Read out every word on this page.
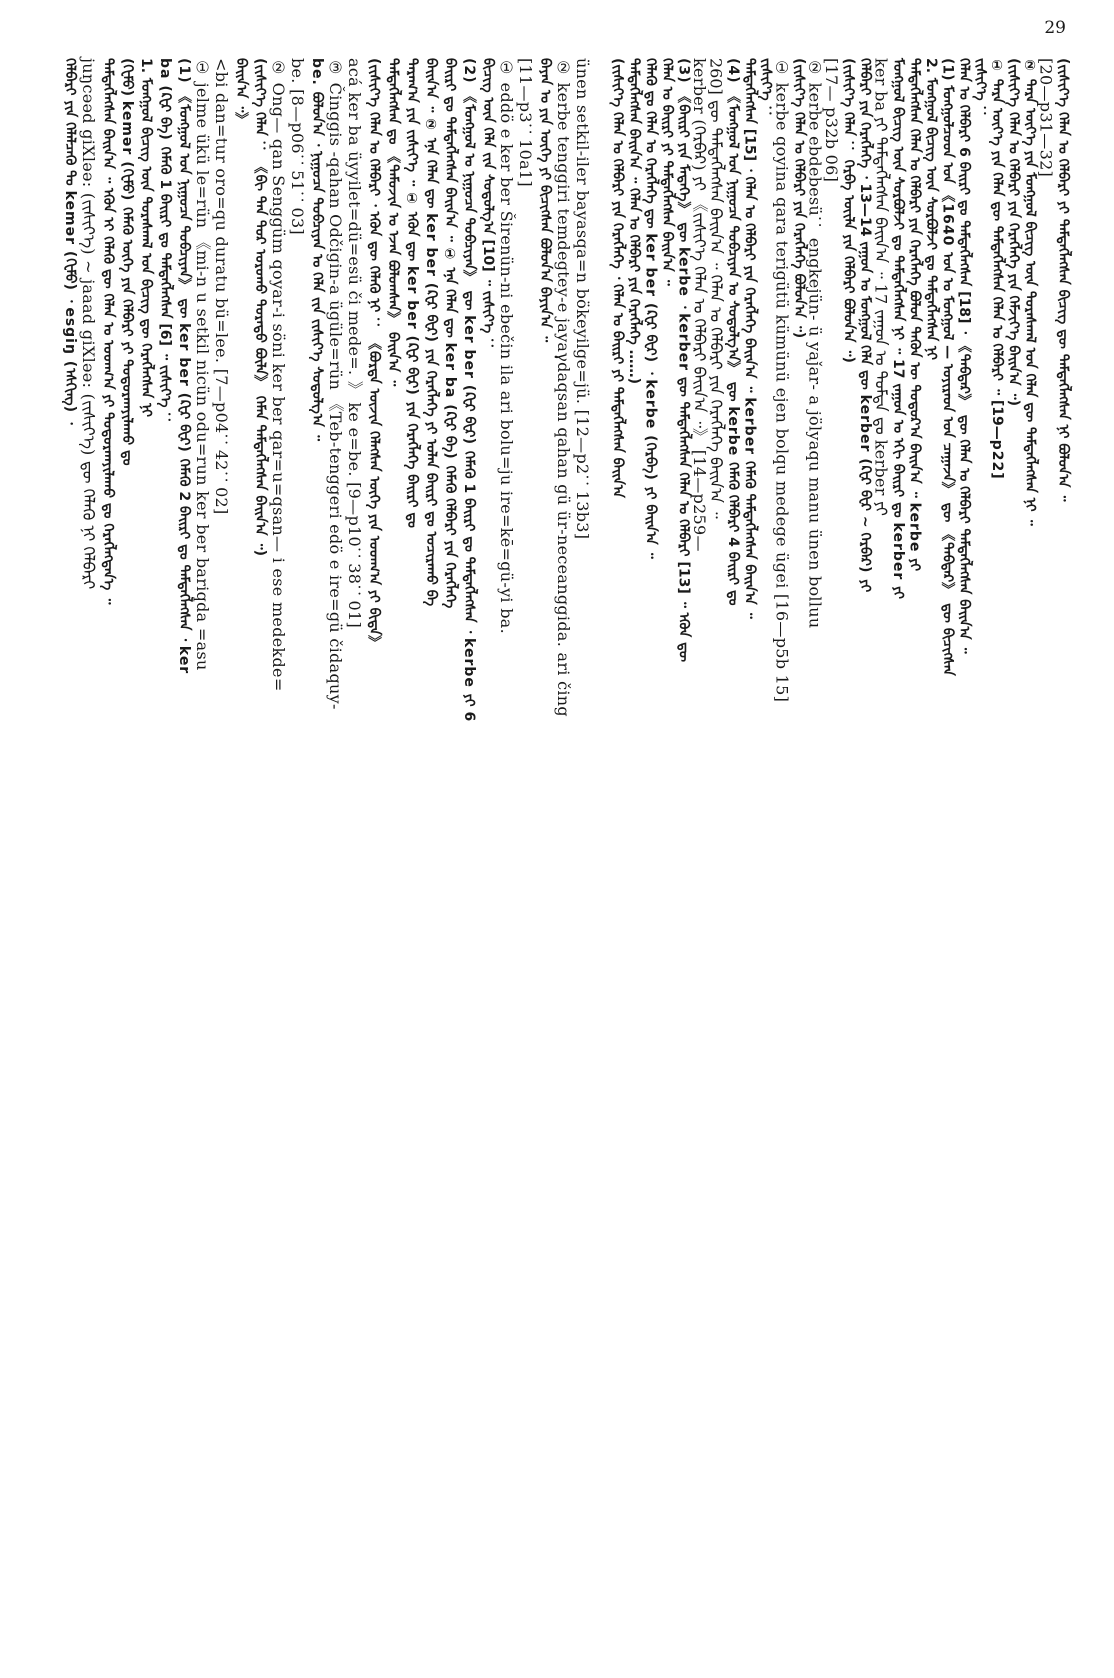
29
ünen setkil-iler bayasqa=n bökeyilge=jü. [12—p2：13b3]
② kerbe tenggiri temdegtey-e jayaγdaqsan qahan gü ür-neceanggida. ari čing
ᠪᠠᠶᠠᠨ ᠤ ᠶᠢᠨ ᠦᠭᠡ ᠶᠢ ᠪᠢᠴᠢᠭᠰᠡᠨ ᠪᠤᠯᠤᠨ᠎ᠠ ᠪᠠᠶᠢᠨ᠎ᠠ ᠃
[11—p3：10a1]
① eddö e ker ber Širenün-ni ebečin ila ari bolu=ju ire=kē=gü-yi ba.
ᠪᠢᠴᠢᠭ᠌ ᠦᠨ ᠬᠡᠯᠡ ᠵᠢᠨ ᠰᠤᠳᠤᠯᠭ᠎ᠠ [10] ᠃ ᠵᠢᠱᠢᠶ᠎ᠡ ：
(2) 《ᠮᠣᠩᠭᠣᠯ ᠤ ᠨᠢᠭᠤᠴᠠ ᠲᠣᠪᠴᠢᠶᠠᠨ》 ᠳᠦ ker ber (ᠺᠧᠷ ᠪᠧᠷ) ᠬᠡᠮᠡᠬᠦ 1 ᠪᠠᠢᠷᠢ ᠳᠤ ᠲᠡᠮᠳᠡᠭᠯᠡᠭᠰᠡᠨ ᠂ kerbe ᠶᠢ 6
ᠪᠠᠢᠷᠢ ᠳᠤ ᠲᠡᠮᠳᠡᠭᠯᠡᠭᠰᠡᠨ ᠪᠠᠢᠨ᠎ᠠ ᠃ ① ᠡᠨᠡ ᠬᠡᠯᠡᠨ ᠳᠦ ker ba (ᠺᠧᠷ ᠪᠠ) ᠬᠡᠮᠡᠬᠦ ᠬᠡᠯᠪᠡᠷᠢ ᠶᠢᠨ ᠬᠡᠷᠡᠭᠯᠡᠭᠡ
ᠪᠠᠢᠨ᠎ᠠ ᠃ ② ᠡᠨᠡ ᠬᠡᠯᠡᠨ ᠳᠦ ker ber (ᠺᠧᠷ ᠪᠧᠷ) ᠶᠢᠨ ᠬᠡᠷᠡᠭᠯᠡᠭᠡ ᠶᠢ ᠣᠯᠠᠨ ᠪᠠᠢᠷᠢ ᠳᠤ ᠤᠴᠢᠷᠠᠬᠤ ᠪᠠ
ᠳᠠᠷᠠᠭ᠎ᠠ ᠶᠢᠨ ᠵᠢᠱᠢᠶ᠎ᠡ ᠃ ① ᠡᠭᠦᠨ ᠳᠦ ker ber (ᠺᠧᠷ ᠪᠧᠷ) ᠶᠢᠨ ᠬᠡᠷᠡᠭᠯᠡᠭᠡ ᠪᠠᠢᠷᠢ ᠳᠤ
ᠲᠡᠮᠳᠡᠭᠯᠡᠭᠰᠡᠨ ᠳᠤ 《ᠲᠡᠮᠦᠵᠢᠨ ᠤ ᠡᠵᠡᠨ ᠪᠣᠯᠤᠭᠰᠠᠨ》 ᠪᠠᠢᠨ᠎ᠠ ᠃
(ᠵᠢᠱᠢᠶ᠎ᠡ ᠬᠡᠯᠡᠨ ᠤ ᠬᠡᠯᠪᠡᠷᠢ ᠂ ᠡᠭᠦᠨ ᠳᠦ ᠬᠡᠯᠡᠬᠦ ᠨᠢ ： 《ᠪᠣᠷᠲᠡ ᠦᠵᠢᠨ ᠬᠡᠯᠡᠭᠰᠡᠨ ᠦᠭᠡ ᠶᠢᠨ ᠤᠳᠬ᠎ᠠ ᠶᠢ ᠪᠢᠳᠡ》
acá ker ba üyyilet=dü=esü či mede=. 》 ke e=be. [9—p10：38：01]
③ Činggis -qahan Odčigin-a ügüle=rün 《Teb-tenggeri edö e ire=gü čidaquy-
be. ᠪᠣᠯᠤᠨ᠎ᠠ ᠂ ᠨᠢᠭᠤᠴᠠ ᠲᠣᠪᠴᠢᠶᠠᠨ ᠤ ᠬᠡᠯᠡ ᠵᠢᠨ ᠵᠢᠱᠢᠶ᠎ᠡ ᠰᠤᠳᠤᠯᠭ᠎ᠠ ᠃
be. [8—p06：51：03]
② Ong— qan Senggüm qoyar-i söni ker ber qar=u=qsan— i ese medekde=
(ᠵᠢᠱᠢᠶ᠎ᠡ ᠬᠡᠯᠡᠨ ： 《ᠪᠢ ᠳᠠᠨ ᠲᠤᠷ ᠣᠷᠣᠬᠤ ᠳᠤᠷᠠᠲᠤ ᠪᠦᠯᠡ》 ᠬᠡᠮᠡᠨ ᠲᠡᠮᠳᠡᠭᠯᠡᠭᠰᠡᠨ ᠪᠠᠢᠨ᠎ᠠ ᠃)
ᠪᠠᠢᠨ᠎ᠠ ᠃》
<bi dan=tur oro=qu duratu bü=lee. [7—p04：42：02]
① jelme ükü le=rün 《mi-n u setkil nicün odu=run ker ber bariqda =asu
(1) 《ᠮᠣᠩᠭᠣᠯ ᠤᠨ ᠨᠢᠭᠤᠴᠠ ᠲᠣᠪᠴᠢᠶᠠᠨ》 ᠳᠦ ker ber (ᠺᠧᠷ ᠪᠧᠷ) ᠬᠡᠮᠡᠬᠦ 2 ᠪᠠᠢᠷᠢ ᠳᠤ ᠲᠡᠮᠳᠡᠭᠯᠡᠭᠰᠡᠨ ᠂ ker
ba (ᠺᠧᠷ ᠪᠠ) ᠬᠡᠮᠡᠬᠦ 1 ᠪᠠᠢᠷᠢ ᠳᠤ ᠲᠡᠮᠳᠡᠭᠯᠡᠭᠰᠡᠨ [6] ᠃ ᠵᠢᠱᠢᠶ᠎ᠡ ：
1. ᠮᠣᠩᠭᠣᠯ ᠪᠢᠴᠢᠭ᠌ ᠦᠨ ᠳᠤᠷᠠᠰᠬᠠᠯ ᠤᠨ ᠪᠢᠴᠢᠭ᠌ ᠳᠦ ᠬᠡᠷᠡᠭᠯᠡᠭᠰᠡᠨ ᠨᠢ
(ᠬᠧᠮᠦ) kemər (ᠬᠧᠮᠦ) ᠬᠡᠮᠡᠬᠦ ᠦᠭᠡ ᠶᠢᠨ ᠬᠡᠯᠪᠡᠷᠢ ᠶᠢ ᠲᠣᠳᠣᠷᠬᠠᠶᠢᠯᠠᠬᠤ ᠳᠤ
ᠲᠡᠮᠳᠡᠭᠯᠡᠭᠰᠡᠨ ᠪᠠᠢᠨ᠎ᠠ ᠃ ᠡᠭᠦᠨ ᠢ ᠬᠡᠯᠡᠬᠦ ᠳᠦ ᠬᠡᠯᠡᠨ ᠤ ᠤᠳᠬ᠎ᠠ ᠶᠢ ᠲᠣᠳᠣᠷᠬᠠᠶᠢᠯᠠᠬᠤ ᠳᠤ ᠬᠡᠷᠡᠭᠯᠡᠭᠳᠡᠨ᠎ᠡ ᠃
juŋcəəd giXləə: (ᠵᠢᠱᠢᠶ᠎ᠡ) ~ jaaad giXləə: (ᠵᠢᠱᠢᠶ᠎ᠡ) ᠳᠦ ᠬᠡᠯᠡᠬᠦ ᠨᠢ ᠬᠡᠯᠪᠡᠷᠢ
ᠬᠡᠯᠪᠡᠷᠢ ᠶᠢᠨ ᠬᠡᠯᠡᠯᠴᠡᠬᠦ ᠲᠤ kemər (ᠬᠧᠮᠦ) ᠂ esgiŋ (ᠡᠰᠭᠢᠩ) ᠂	(ᠵᠢᠱᠢᠶ᠎ᠡ ᠬᠡᠯᠡᠨ ᠤ ᠬᠡᠯᠪᠡᠷᠢ ᠶᠢ ᠲᠡᠮᠳᠡᠭᠯᠡᠭᠰᠡᠨ ᠪᠢᠴᠢᠭ᠌ ᠳᠦ ᠲᠡᠮᠳᠡᠭᠯᠡᠭᠰᠡᠨ ᠨᠢ ᠪᠣᠯᠤᠨ᠎ᠠ ᠃
[20—p31—32]
② ᠲᠡᠷᠡ ᠦᠶ᠎ᠡ ᠶᠢᠨ ᠮᠣᠩᠭᠣᠯ ᠪᠢᠴᠢᠭ᠌ ᠦᠨ ᠳᠤᠷᠠᠰᠬᠠᠯ ᠤᠨ ᠬᠡᠯᠡᠨ ᠳᠦ ᠲᠡᠮᠳᠡᠭᠯᠡᠭᠰᠡᠨ ᠨᠢ ᠃
(ᠵᠢᠱᠢᠶ᠎ᠡ ᠬᠡᠯᠡᠨ ᠤ ᠬᠡᠯᠪᠡᠷᠢ ᠶᠢᠨ ᠬᠡᠷᠡᠭᠯᠡᠭᠡ ᠶᠢᠨ ᠬᠡᠮᠵᠢᠶ᠎ᠡ ᠪᠠᠢᠨ᠎ᠠ ᠃)
① ᠲᠡᠷᠡ ᠦᠶ᠎ᠡ ᠶᠢᠨ ᠬᠡᠯᠡᠨ ᠳᠦ ᠲᠡᠮᠳᠡᠭᠯᠡᠭᠰᠡᠨ ᠬᠡᠯᠡᠨ ᠤ ᠬᠡᠯᠪᠡᠷᠢ ᠃ [19—p22]
ᠵᠢᠱᠢᠶ᠎ᠡ ：
ᠬᠡᠯᠡᠨ ᠤ ᠬᠡᠯᠪᠡᠷᠢ 6 ᠪᠠᠢᠷᠢ ᠳᠤ ᠲᠡᠮᠳᠡᠭᠯᠡᠭᠰᠡᠨ [18] ᠂ 《ᠲᠡᠪᠲᠡᠷ》 ᠳᠦ ᠬᠡᠯᠡᠨ ᠤ ᠬᠡᠯᠪᠡᠷᠢ ᠲᠡᠮᠳᠡᠭᠯᠡᠭᠰᠡᠨ ᠪᠠᠢᠨ᠎ᠠ ᠃
(1) ᠮᠣᠩᠭᠣᠯᠴᠤᠳ ᠤᠨ 《1640 ᠣᠨ ᠤ ᠮᠣᠩᠭᠣᠯ — ᠣᠶᠢᠷᠠᠳ ᠤᠨ ᠴᠠᠭᠠᠵᠠ》 ᠳᠦ 《ᠲᠡᠪᠲᠡᠷ》 ᠳᠦ ᠪᠢᠴᠢᠭᠰᠡᠨ
2. ᠮᠣᠩᠭᠣᠯ ᠪᠢᠴᠢᠭ᠌ ᠦᠨ ᠰᠤᠷᠪᠤᠯᠵᠢ ᠳᠤ ᠲᠡᠮᠳᠡᠭᠯᠡᠭᠰᠡᠨ ᠨᠢ
ᠲᠡᠮᠳᠡᠭᠯᠡᠭᠰᠡᠨ ᠬᠡᠯᠡᠨ ᠤ ᠬᠡᠯᠪᠡᠷᠢ ᠶᠢᠨ ᠬᠡᠷᠡᠭᠯᠡᠭᠡ ᠪᠣᠯᠤᠨ ᠲᠡᠭᠦᠨ ᠦ ᠳᠣᠲᠤᠷ᠎ᠠ ᠪᠠᠢᠨ᠎ᠠ ᠃ kerbe ᠶᠢ
ᠮᠣᠩᠭᠣᠯ ᠪᠢᠴᠢᠭ᠌ ᠦᠨ ᠰᠤᠷᠪᠤᠯᠵᠢ ᠳᠤ ᠲᠡᠮᠳᠡᠭᠯᠡᠭᠰᠡᠨ ᠨᠢ ᠃ 17 ᠵᠠᠭᠤᠨ ᠤ ᠡᠬᠢ ᠪᠠᠢᠷᠢ ᠳᠤ kerber ᠶᠢ
ker ba ᠶᠢ ᠲᠡᠮᠳᠡᠭᠯᠡᠭᠰᠡᠨ ᠪᠠᠢᠨ᠎ᠠ ᠃ 17 ᠵᠠᠭᠤᠨ ᠤ ᠳᠤᠮᠳᠠ ᠳᠤ kerber ᠶᠢ
ᠬᠡᠯᠪᠡᠷᠢ ᠶᠢᠨ ᠬᠡᠷᠡᠭᠯᠡᠭᠡ ᠂ 13—14 ᠵᠠᠭᠤᠨ ᠤ ᠮᠣᠩᠭᠣᠯ ᠬᠡᠯᠡ ᠳᠦ kerber (ᠺᠧᠷ ᠪᠧᠷ ~ ᠬᠡᠷᠪᠡᠷ) ᠶᠢ
(ᠵᠢᠱᠢᠶ᠎ᠡ ᠬᠡᠯᠡᠨ ： ᠬᠡᠷᠪᠡ ᠦᠢᠯᠡ ᠶᠢᠨ ᠬᠡᠯᠪᠡᠷᠢ ᠪᠣᠯᠤᠨ᠎ᠠ ᠃)
[17— p32b 06]
② kerbe ebdebesü： engkejün- ü yaǰar- a jölyaqu manu ünen bolluu
(ᠵᠢᠱᠢᠶ᠎ᠡ ᠬᠡᠯᠡᠨ ᠤ ᠬᠡᠯᠪᠡᠷᠢ ᠶᠢᠨ ᠬᠡᠷᠡᠭᠯᠡᠭᠡ ᠪᠣᠯᠤᠨ᠎ᠠ ᠃)
① kerbe qoyina qara terigütü kümünü ejen bolqu medege ügei [16—p5b 15]
ᠵᠢᠱᠢᠶ᠎ᠡ ：
ᠲᠡᠮᠳᠡᠭᠯᠡᠭᠰᠡᠨ [15] ᠂ ᠬᠡᠯᠡᠨ ᠤ ᠬᠡᠯᠪᠡᠷᠢ ᠶᠢᠨ ᠬᠡᠷᠡᠭᠯᠡᠭᠡ ᠪᠠᠢᠨ᠎ᠠ ᠃ kerber ᠬᠡᠮᠡᠬᠦ ᠲᠡᠮᠳᠡᠭᠯᠡᠭᠰᠡᠨ ᠪᠠᠢᠨ᠎ᠠ ᠃
(4) 《ᠮᠣᠩᠭᠣᠯ ᠤᠨ ᠨᠢᠭᠤᠴᠠ ᠲᠣᠪᠴᠢᠶᠠᠨ ᠤ ᠰᠤᠳᠤᠯᠭ᠎ᠠ》 ᠳᠦ kerbe ᠬᠡᠮᠡᠬᠦ ᠬᠡᠯᠪᠡᠷᠢ 4 ᠪᠠᠢᠷᠢ ᠳᠤ
260] ᠳᠦ ᠲᠡᠮᠳᠡᠭᠯᠡᠭᠰᠡᠨ ᠪᠠᠢᠨ᠎ᠠ ᠃ ᠬᠡᠯᠡᠨ ᠤ ᠬᠡᠯᠪᠡᠷᠢ ᠶᠢᠨ ᠬᠡᠷᠡᠭᠯᠡᠭᠡ ᠪᠠᠢᠨ᠎ᠠ ᠃
kerber (ᠬᠡᠷᠪᠡᠷ) ᠶᠢ 《ᠵᠢᠱᠢᠶ᠎ᠡ ᠬᠡᠯᠡᠨ ᠤ ᠬᠡᠯᠪᠡᠷᠢ ᠪᠠᠢᠨ᠎ᠠ ᠃》 [14—p259—
(3) 《ᠪᠠᠢᠷᠢ ᠶᠢᠨ ᠮᠡᠳᠡᠭᠡ》 ᠳᠦ kerbe ᠂ kerber ᠳᠦ ᠲᠡᠮᠳᠡᠭᠯᠡᠭᠰᠡᠨ ᠬᠡᠯᠡᠨ ᠤ ᠬᠡᠯᠪᠡᠷᠢ [13] ᠃ ᠡᠭᠦᠨ ᠳᠦ
ᠬᠡᠯᠡᠨ ᠤ ᠪᠠᠢᠷᠢ ᠶᠢ ᠲᠡᠮᠳᠡᠭᠯᠡᠭᠰᠡᠨ ᠪᠠᠢᠨ᠎ᠠ ᠃
ᠬᠡᠯᠡᠬᠦ ᠳᠤ ᠬᠡᠯᠡᠨ ᠤ ᠬᠡᠷᠡᠭᠯᠡᠭᠡ ᠳᠦ ker ber (ᠺᠧᠷ ᠪᠧᠷ) ᠂ kerbe (ᠬᠡᠷᠪᠡ) ᠶᠢ ᠪᠠᠢᠨ᠎ᠠ ᠃
ᠲᠡᠮᠳᠡᠭᠯᠡᠭᠰᠡᠨ ᠪᠠᠢᠨ᠎ᠠ ᠃ ᠬᠡᠯᠡᠨ ᠤ ᠬᠡᠯᠪᠡᠷᠢ ᠶᠢᠨ ᠬᠡᠷᠡᠭᠯᠡᠭᠡ ……)
(ᠵᠢᠱᠢᠶ᠎ᠡ ᠬᠡᠯᠡᠨ ᠤ ᠬᠡᠯᠪᠡᠷᠢ ᠶᠢᠨ ᠬᠡᠷᠡᠭᠯᠡᠭᠡ ᠂ ᠬᠡᠯᠡᠨ ᠤ ᠪᠠᠢᠷᠢ ᠶᠢ ᠲᠡᠮᠳᠡᠭᠯᠡᠭᠰᠡᠨ ᠪᠠᠢᠨ᠎ᠠ
